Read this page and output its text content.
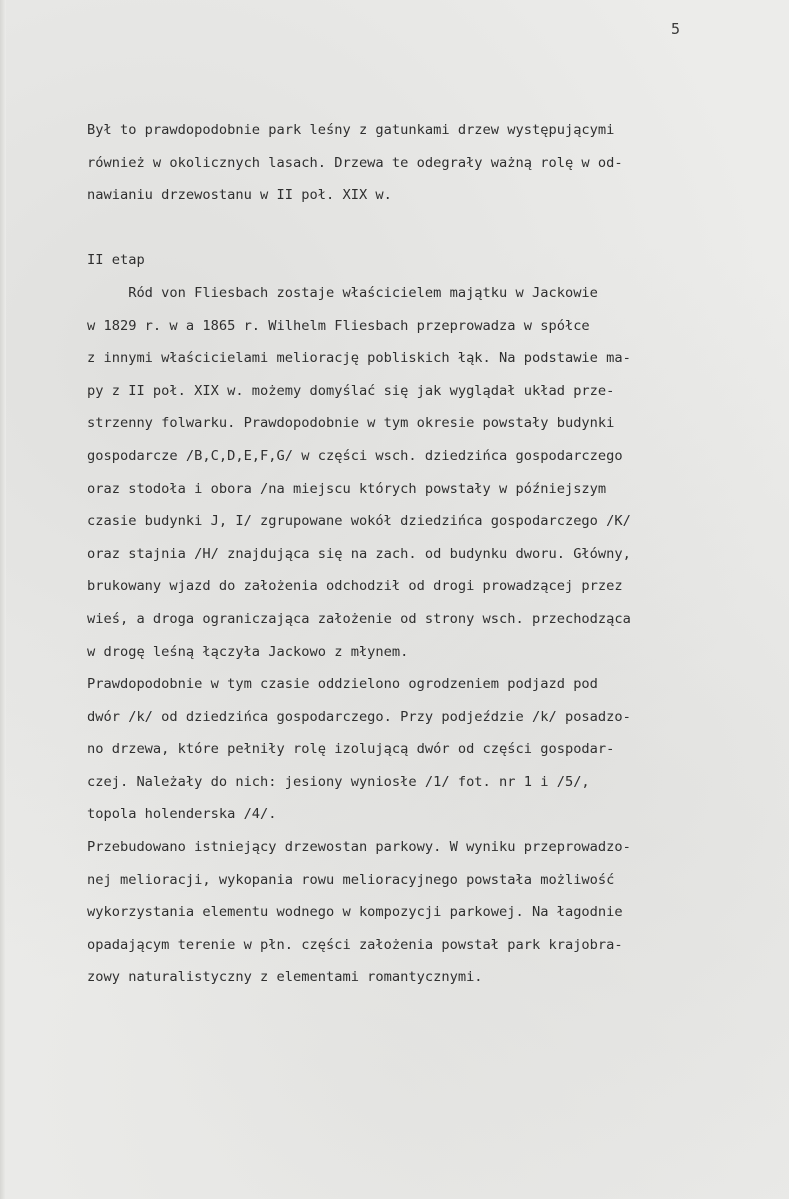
5
Był to prawdopodobnie park leśny z gatunkami drzew występującymi
również w okolicznych lasach. Drzewa te odegrały ważną rolę w od-
nawianiu drzewostanu w II poł. XIX w.
II etap
Ród von Fliesbach zostaje właścicielem majątku w Jackowie
w 1829 r. w a 1865 r. Wilhelm Fliesbach przeprowadza w spółce
z innymi właścicielami meliorację pobliskich łąk. Na podstawie ma-
py z II poł. XIX w. możemy domyślać się jak wyglądał układ prze-
strzenny folwarku. Prawdopodobnie w tym okresie powstały budynki
gospodarcze /B,C,D,E,F,G/ w części wsch. dziedzińca gospodarczego
oraz stodoła i obora /na miejscu których powstały w późniejszym
czasie budynki J, I/ zgrupowane wokół dziedzińca gospodarczego /K/
oraz stajnia /H/ znajdująca się na zach. od budynku dworu. Główny,
brukowany wjazd do założenia odchodził od drogi prowadzącej przez
wieś, a droga ograniczająca założenie od strony wsch. przechodząca
w drogę leśną łączyła Jackowo z młynem.
Prawdopodobnie w tym czasie oddzielono ogrodzeniem podjazd pod
dwór /k/ od dziedzińca gospodarczego. Przy podjeździe /k/ posadzo-
no drzewa, które pełniły rolę izolującą dwór od części gospodar-
czej. Należały do nich: jesiony wyniosłe /1/ fot. nr 1 i /5/,
topola holenderska /4/.
Przebudowano istniejący drzewostan parkowy. W wyniku przeprowadzo-
nej melioracji, wykopania rowu melioracyjnego powstała możliwość
wykorzystania elementu wodnego w kompozycji parkowej. Na łagodnie
opadającym terenie w płn. części założenia powstał park krajobra-
zowy naturalistyczny z elementami romantycznymi.
